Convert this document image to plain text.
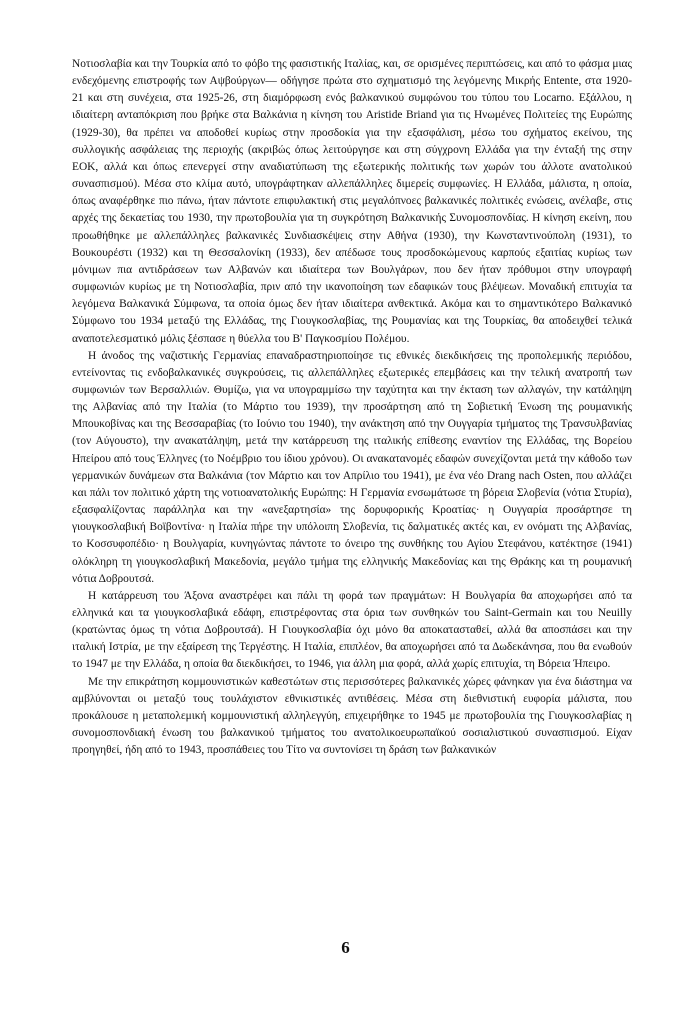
Νοτιοσλαβία και την Τουρκία από το φόβο της φασιστικής Ιταλίας, και, σε ορισμένες περιπτώσεις, και από το φάσμα μιας ενδεχόμενης επιστροφής των Αψβούργων— οδήγησε πρώτα στο σχηματισμό της λεγόμενης Μικρής Entente, στα 1920-21 και στη συνέχεια, στα 1925-26, στη διαμόρφωση ενός βαλκανικού συμφώνου του τύπου του Locarno. Εξάλλου, η ιδιαίτερη ανταπόκριση που βρήκε στα Βαλκάνια η κίνηση του Aristide Briand για τις Ηνωμένες Πολιτείες της Ευρώπης (1929-30), θα πρέπει να αποδοθεί κυρίως στην προσδοκία για την εξασφάλιση, μέσω του σχήματος εκείνου, της συλλογικής ασφάλειας της περιοχής (ακριβώς όπως λειτούργησε και στη σύγχρονη Ελλάδα για την ένταξή της στην ΕΟΚ, αλλά και όπως επενεργεί στην αναδιατύπωση της εξωτερικής πολιτικής των χωρών του άλλοτε ανατολικού συνασπισμού). Μέσα στο κλίμα αυτό, υπογράφτηκαν αλλεπάλληλες διμερείς συμφωνίες. Η Ελλάδα, μάλιστα, η οποία, όπως αναφέρθηκε πιο πάνω, ήταν πάντοτε επιφυλακτική στις μεγαλόπνοες βαλκανικές πολιτικές ενώσεις, ανέλαβε, στις αρχές της δεκαετίας του 1930, την πρωτοβουλία για τη συγκρότηση Βαλκανικής Συνομοσπονδίας. Η κίνηση εκείνη, που προωθήθηκε με αλλεπάλληλες βαλκανικές Συνδιασκέψεις στην Αθήνα (1930), την Κωνσταντινούπολη (1931), το Βουκουρέστι (1932) και τη Θεσσαλονίκη (1933), δεν απέδωσε τους προσδοκώμενους καρπούς εξαιτίας κυρίως των μόνιμων πια αντιδράσεων των Αλβανών και ιδιαίτερα των Βουλγάρων, που δεν ήταν πρόθυμοι στην υπογραφή συμφωνιών κυρίως με τη Νοτιοσλαβία, πριν από την ικανοποίηση των εδαφικών τους βλέψεων. Μοναδική επιτυχία τα λεγόμενα Βαλκανικά Σύμφωνα, τα οποία όμως δεν ήταν ιδιαίτερα ανθεκτικά. Ακόμα και το σημαντικότερο Βαλκανικό Σύμφωνο του 1934 μεταξύ της Ελλάδας, της Γιουγκοσλαβίας, της Ρουμανίας και της Τουρκίας, θα αποδειχθεί τελικά αναποτελεσματικό μόλις ξέσπασε η θύελλα του Β' Παγκοσμίου Πολέμου.

Η άνοδος της ναζιστικής Γερμανίας επαναδραστηριοποίησε τις εθνικές διεκδικήσεις της προπολεμικής περιόδου, εντείνοντας τις ενδοβαλκανικές συγκρούσεις, τις αλλεπάλληλες εξωτερικές επεμβάσεις και την τελική ανατροπή των συμφωνιών των Βερσαλλιών. Θυμίζω, για να υπογραμμίσω την ταχύτητα και την έκταση των αλλαγών, την κατάληψη της Αλβανίας από την Ιταλία (το Μάρτιο του 1939), την προσάρτηση από τη Σοβιετική Ένωση της ρουμανικής Μπουκοβίνας και της Βεσσαραβίας (το Ιούνιο του 1940), την ανάκτηση από την Ουγγαρία τμήματος της Τρανσυλβανίας (τον Αύγουστο), την ανακατάληψη, μετά την κατάρρευση της ιταλικής επίθεσης εναντίον της Ελλάδας, της Βορείου Ηπείρου από τους Έλληνες (το Νοέμβριο του ίδιου χρόνου). Οι ανακατανομές εδαφών συνεχίζονται μετά την κάθοδο των γερμανικών δυνάμεων στα Βαλκάνια (τον Μάρτιο και τον Απρίλιο του 1941), με ένα νέο Drang nach Osten, που αλλάζει και πάλι τον πολιτικό χάρτη της νοτιοανατολικής Ευρώπης: Η Γερμανία ενσωμάτωσε τη βόρεια Σλοβενία (νότια Στυρία), εξασφαλίζοντας παράλληλα και την «ανεξαρτησία» της δορυφορικής Κροατίας· η Ουγγαρία προσάρτησε τη γιουγκοσλαβική Βοϊβοντίνα· η Ιταλία πήρε την υπόλοιπη Σλοβενία, τις δαλματικές ακτές και, εν ονόματι της Αλβανίας, το Κοσσυφοπέδιο· η Βουλγαρία, κυνηγώντας πάντοτε το όνειρο της συνθήκης του Αγίου Στεφάνου, κατέκτησε (1941) ολόκληρη τη γιουγκοσλαβική Μακεδονία, μεγάλο τμήμα της ελληνικής Μακεδονίας και της Θράκης και τη ρουμανική νότια Δοβρουτσά.

Η κατάρρευση του Άξονα αναστρέφει και πάλι τη φορά των πραγμάτων: Η Βουλγαρία θα αποχωρήσει από τα ελληνικά και τα γιουγκοσλαβικά εδάφη, επιστρέφοντας στα όρια των συνθηκών του Saint-Germain και του Neuilly (κρατώντας όμως τη νότια Δοβρουτσά). Η Γιουγκοσλαβία όχι μόνο θα αποκατασταθεί, αλλά θα αποσπάσει και την ιταλική Ιστρία, με την εξαίρεση της Τεργέστης. Η Ιταλία, επιπλέον, θα αποχωρήσει από τα Δωδεκάνησα, που θα ενωθούν το 1947 με την Ελλάδα, η οποία θα διεκδικήσει, το 1946, για άλλη μια φορά, αλλά χωρίς επιτυχία, τη Βόρεια Ήπειρο.

Με την επικράτηση κομμουνιστικών καθεστώτων στις περισσότερες βαλκανικές χώρες φάνηκαν για ένα διάστημα να αμβλύνονται οι μεταξύ τους τουλάχιστον εθνικιστικές αντιθέσεις. Μέσα στη διεθνιστική ευφορία μάλιστα, που προκάλουσε η μεταπολεμική κομμουνιστική αλληλεγγύη, επιχειρήθηκε το 1945 με πρωτοβουλία της Γιουγκοσλαβίας η συνομοσπονδιακή ένωση του βαλκανικού τμήματος του ανατολικοευρωπαϊκού σοσιαλιστικού συνασπισμού. Είχαν προηγηθεί, ήδη από το 1943, προσπάθειες του Τίτο να συντονίσει τη δράση των βαλκανικών

6
